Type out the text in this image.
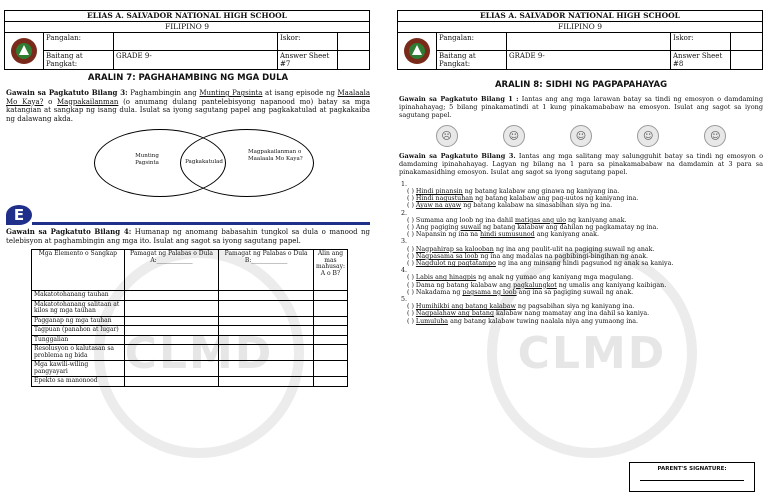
CLMD
ELIAS A. SALVADOR NATIONAL HIGH SCHOOL
FILIPINO 9
Pangalan:	Iskor:
Baitang at Pangkat:
GRADE 9-	Answer Sheet #7
ARALIN 7: PAGHAHAMBING NG MGA DULA

Gawain sa Pagkatuto Bilang 3: Paghambingin ang Munting Pagsinta at isang episode ng Maalaala Mo Kaya? o Magpakailanman (o anumang dulang pantelebisyong napanood mo) batay sa mga katangian at sangkap ng isang dula. Isulat sa iyong sagutang papel ang pagkakatulad at pagkakaiba ng dalawang akda.

Munting Pagsinta	Pagkakatulad
Magpakailanman o Maalaala Mo Kaya?
E

Gawain sa Pagkatuto Bilang 4: Humanap ng anomang babasahin tungkol sa dula o manood ng telebisyon at paghambingin ang mga ito. Isulat ang sagot sa iyong sagutang papel.

Mga Elemento o Sangkap	Pamagat ng Palabas o Dula A:____________	Pamagat ng Palabas o Dula B:____________	Alin ang mas mahusay: A o B?
Makatotohanang tauhan			
Makatotohanang salitaan at kilos ng mga tauhan			
Pagganap ng mga tauhan			
Tagpuan (panahon at lugar)			
Tunggalian			
Resolusyon o kalutasan sa problema ng bida			
Mga kawili-wiling pangyayari			
Epekto sa manonood			
CLMD
ELIAS A. SALVADOR NATIONAL HIGH SCHOOL
FILIPINO 9
Pangalan:	Iskor:
Baitang at Pangkat:
GRADE 9-	Answer Sheet #8
ARALIN 8: SIDHI NG PAGPAPAHAYAG

Gawain sa Pagkatuto Bilang 1 : Iantas ang ang mga larawan batay sa tindi ng emosyon o damdaming ipinahahayag; 5 bilang pinakamatindi at 1 kung pinakamababaw na emosyon. Isulat ang sagot sa iyong sagutang papel.

☹	☺	☺	☺	☺

Gawain sa Pagkatuto Bilang 3. Iantas ang mga salitang may salungguhit batay sa tindi ng emosyon o damdaming ipinahahayag. Lagyan ng bilang na 1 para sa pinakamababaw na damdamin at 3 para sa pinakamasidhing emosyon. Isulat ang sagot sa iyong sagutang papel.

1.
( ) Hindi pinansin ng batang kalabaw ang ginawa ng kaniyang ina.
( ) Hindi nagustuhan ng batang kalabaw ang pag-uutos ng kaniyang ina.
( ) Ayaw na ayaw ng batang kalabaw na sinasabihan siya ng ina.
2.
( ) Sumama ang loob ng ina dahil matigas ang ulo ng kaniyang anak.
( ) Ang pagiging suwail ng batang kalabaw ang dahilan ng pagkamatay ng ina.
( ) Napansin ng ina na hindi sumusunod ang kaniyang anak.
3.
( ) Nagpahirap sa kalooban ng ina ang paulit-ulit na pagiging suwail ng anak.
( ) Nagpasama sa loob ng ina ang madalas na pagbibingi-bingihan ng anak.
( ) Nagdulot ng pagtatampo ng ina ang minsang hindi pagsunod ng anak sa kaniya.
4.
( ) Labis ang hinagpis ng anak ng yumao ang kaniyang mga magulang.
( ) Dama ng batang kalabaw ang pagkalungkot ng umalis ang kaniyang kaibigan.
( ) Nakadama ng pagsama ng loob ang ina sa pagiging suwail ng anak.
5.
( ) Humihikbi ang batang kalabaw ng pagsabihan siya ng kaniyang ina.
( ) Nagpalahaw ang batang kalabaw nang mamatay ang ina dahil sa kaniya.
( ) Lumuluha ang batang kalabaw tuwing naalala niya ang yumaong ina.
PARENT'S SIGNATURE:
